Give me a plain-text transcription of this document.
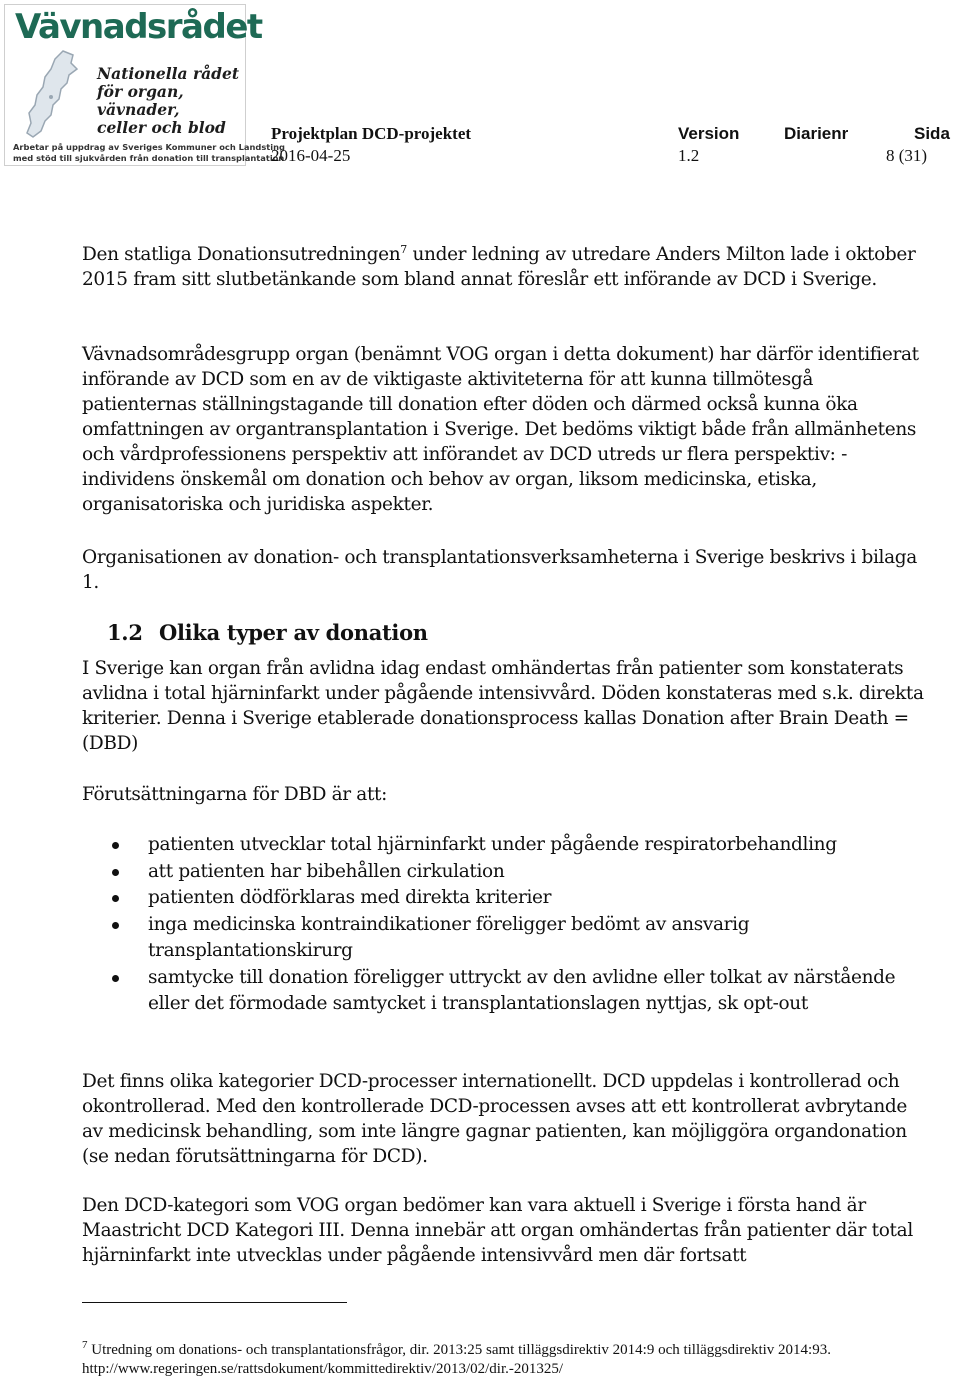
Vävnadsrådet
Nationella rådet
för organ, vävnader,
celler och blod
Arbetar på uppdrag av Sveriges Kommuner och Landsting
med stöd till sjukvården från donation till transplantation
Projektplan DCD-projektet	Version	Diarienr	Sida
2016-04-25	1.2	8 (31)

Den statliga Donationsutredningen$^7$ under ledning av utredare Anders Milton lade i oktober 2015 fram sitt slutbetänkande som bland annat föreslår ett införande av DCD i Sverige.

Vävnadsområdesgrupp organ (benämnt VOG organ i detta dokument) har därför identifierat införande av DCD som en av de viktigaste aktiviteterna för att kunna tillmötesgå patienternas ställningstagande till donation efter döden och därmed också kunna öka omfattningen av organtransplantation i Sverige. Det bedöms viktigt både från allmänhetens och vårdprofessionens perspektiv att införandet av DCD utreds ur flera perspektiv: - individens önskemål om donation och behov av organ, liksom medicinska, etiska, organisatoriska och juridiska aspekter.

Organisationen av donation- och transplantationsverksamheterna i Sverige beskrivs i bilaga 1.

1.2 Olika typer av donation

I Sverige kan organ från avlidna idag endast omhändertas från patienter som konstaterats avlidna i total hjärninfarkt under pågående intensivvård. Döden konstateras med s.k. direkta kriterier. Denna i Sverige etablerade donationsprocess kallas Donation after Brain Death =(DBD)

Förutsättningarna för DBD är att:

patienten utvecklar total hjärninfarkt under pågående respiratorbehandling
att patienten har bibehållen cirkulation
patienten dödförklaras med direkta kriterier
inga medicinska kontraindikationer föreligger bedömt av ansvarig transplantationskirurg
samtycke till donation föreligger uttryckt av den avlidne eller tolkat av närstående eller det förmodade samtycket i transplantationslagen nyttjas, sk opt-out

Det finns olika kategorier DCD-processer internationellt. DCD uppdelas i kontrollerad och okontrollerad. Med den kontrollerade DCD-processen avses att ett kontrollerat avbrytande av medicinsk behandling, som inte längre gagnar patienten, kan möjliggöra organdonation (se nedan förutsättningarna för DCD).

Den DCD-kategori som VOG organ bedömer kan vara aktuell i Sverige i första hand är Maastricht DCD Kategori III. Denna innebär att organ omhändertas från patienter där total hjärninfarkt inte utvecklas under pågående intensivvård men där fortsatt

$^7$ Utredning om donations- och transplantationsfrågor, dir. 2013:25 samt tilläggsdirektiv 2014:9 och tilläggsdirektiv 2014:93.
http://www.regeringen.se/rattsdokument/kommittedirektiv/2013/02/dir.-201325/
